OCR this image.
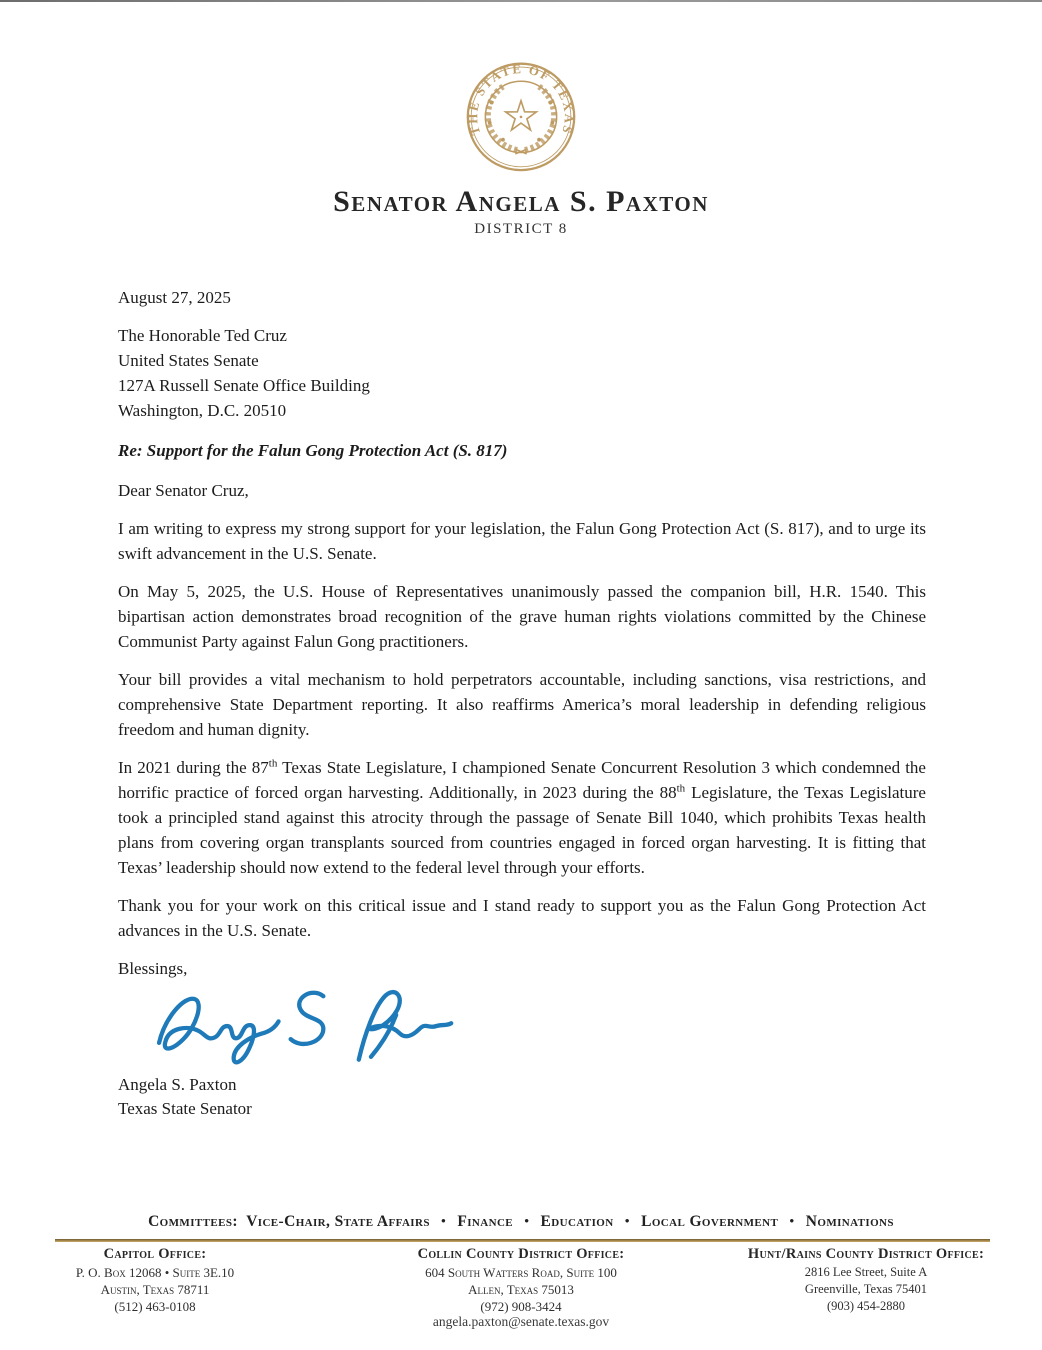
THE STATE OF TEXAS
Senator Angela S. Paxton
DISTRICT 8
August 27, 2025
The Honorable Ted Cruz
United States Senate
127A Russell Senate Office Building
Washington, D.C. 20510
Re: Support for the Falun Gong Protection Act (S. 817)
Dear Senator Cruz,

I am writing to express my strong support for your legislation, the Falun Gong Protection Act (S. 817), and to urge its swift advancement in the U.S. Senate.

On May 5, 2025, the U.S. House of Representatives unanimously passed the companion bill, H.R. 1540. This bipartisan action demonstrates broad recognition of the grave human rights violations committed by the Chinese Communist Party against Falun Gong practitioners.

Your bill provides a vital mechanism to hold perpetrators accountable, including sanctions, visa restrictions, and comprehensive State Department reporting. It also reaffirms America’s moral leadership in defending religious freedom and human dignity.

In 2021 during the 87th Texas State Legislature, I championed Senate Concurrent Resolution 3 which condemned the horrific practice of forced organ harvesting. Additionally, in 2023 during the 88th Legislature, the Texas Legislature took a principled stand against this atrocity through the passage of Senate Bill 1040, which prohibits Texas health plans from covering organ transplants sourced from countries engaged in forced organ harvesting. It is fitting that Texas’ leadership should now extend to the federal level through your efforts.

Thank you for your work on this critical issue and I stand ready to support you as the Falun Gong Protection Act advances in the U.S. Senate.

Blessings,
Angela S. Paxton
Texas State Senator
Committees: Vice-Chair, State Affairs • Finance • Education • Local Government • Nominations
Capitol Office:
P. O. Box 12068 • Suite 3E.10
Austin, Texas 78711
(512) 463-0108
Collin County District Office:
604 South Watters Road, Suite 100
Allen, Texas 75013
(972) 908-3424
Hunt/Rains County District Office:
2816 Lee Street, Suite A
Greenville, Texas 75401
(903) 454-2880
angela.paxton@senate.texas.gov
